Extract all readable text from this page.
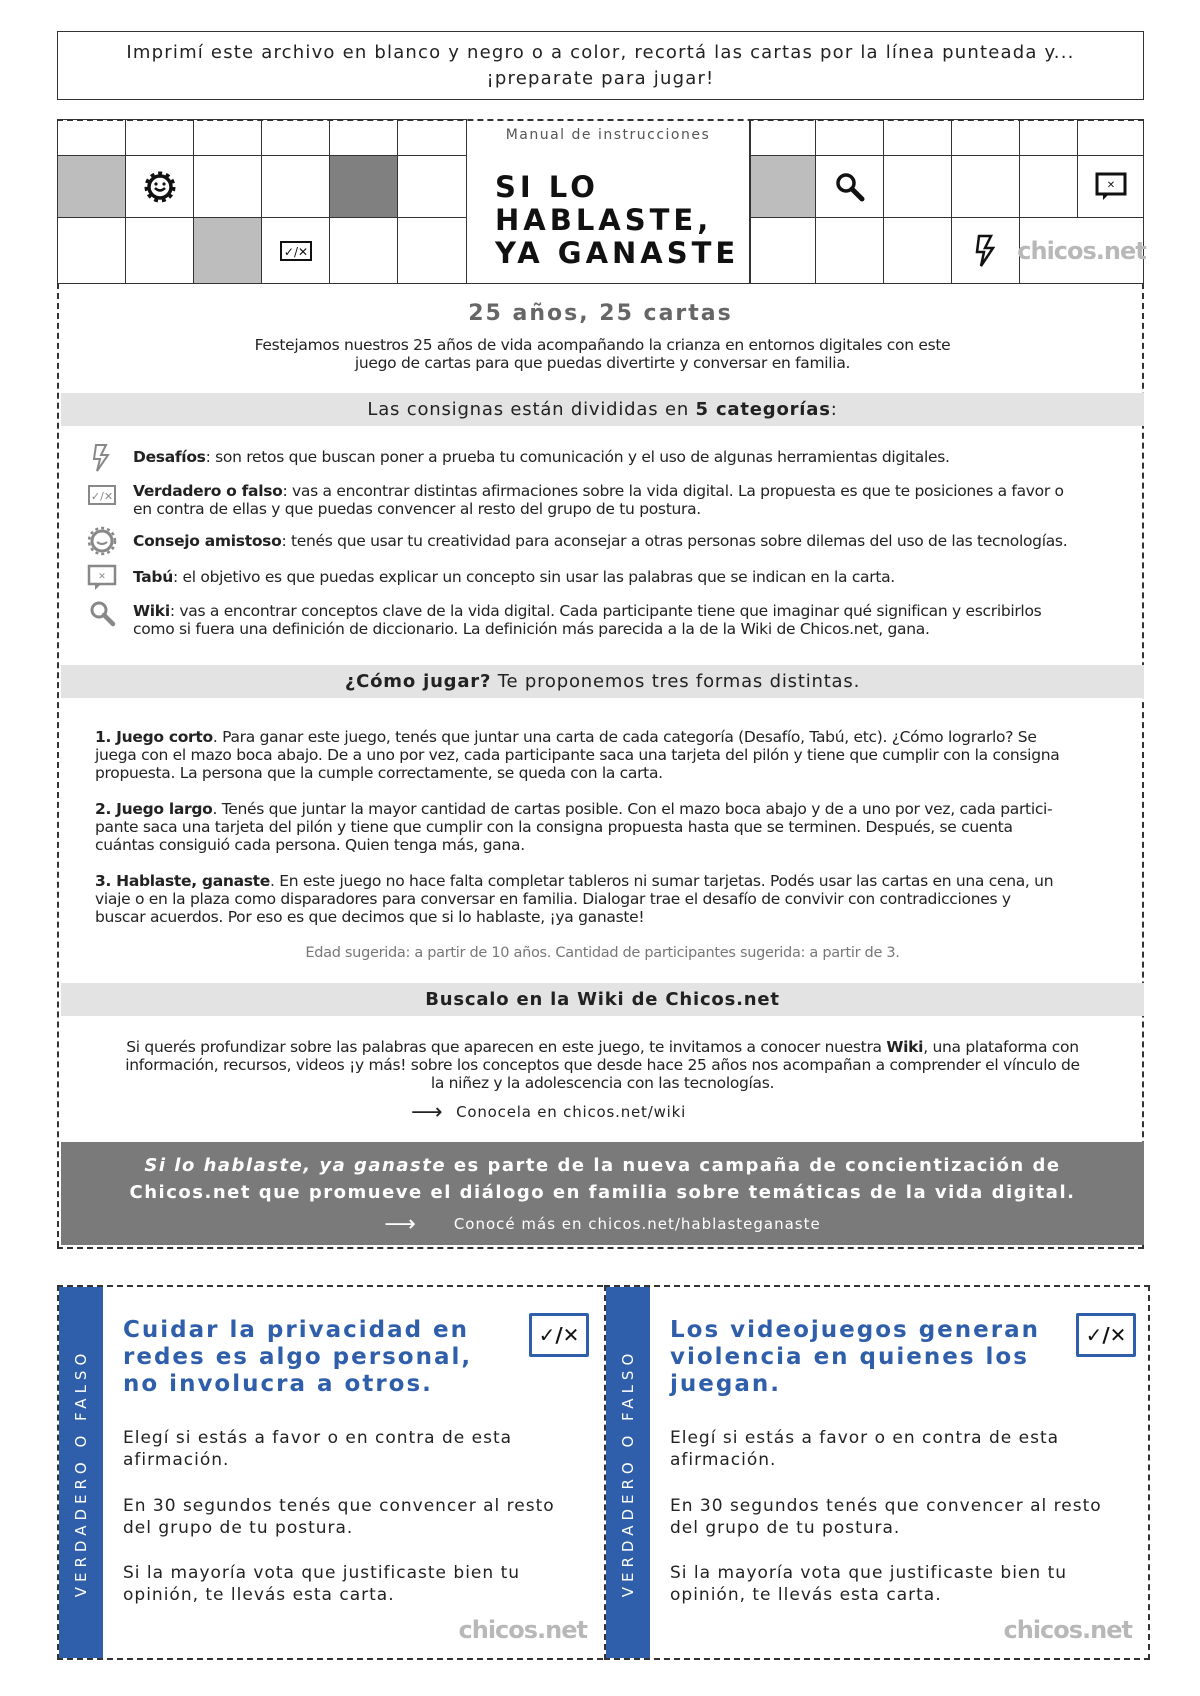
Imprimí este archivo en blanco y negro o a color, recortá las cartas por la línea punteada y...
¡preparate para jugar!
✕
✓/✕	chicos.net
Manual de instrucciones
SI LO
HABLASTE,
YA GANASTE
25 años, 25 cartas
Festejamos nuestros 25 años de vida acompañando la crianza en entornos digitales con este
juego de cartas para que puedas divertirte y conversar en familia.
Las consignas están divididas en 5 categorías:
Desafíos: son retos que buscan poner a prueba tu comunicación y el uso de algunas herramientas digitales.
✓/✕ Verdadero o falso: vas a encontrar distintas afirmaciones sobre la vida digital. La propuesta es que te posiciones a favor o
en contra de ellas y que puedas convencer al resto del grupo de tu postura.
Consejo amistoso: tenés que usar tu creatividad para aconsejar a otras personas sobre dilemas del uso de las tecnologías.
✕ Tabú: el objetivo es que puedas explicar un concepto sin usar las palabras que se indican en la carta.
Wiki: vas a encontrar conceptos clave de la vida digital. Cada participante tiene que imaginar qué significan y escribirlos
como si fuera una definición de diccionario. La definición más parecida a la de la Wiki de Chicos.net, gana.
¿Cómo jugar? Te proponemos tres formas distintas.
1. Juego corto. Para ganar este juego, tenés que juntar una carta de cada categoría (Desafío, Tabú, etc). ¿Cómo lograrlo? Se
juega con el mazo boca abajo. De a uno por vez, cada participante saca una tarjeta del pilón y tiene que cumplir con la consigna
propuesta. La persona que la cumple correctamente, se queda con la carta.
2. Juego largo. Tenés que juntar la mayor cantidad de cartas posible. Con el mazo boca abajo y de a uno por vez, cada partici-
pante saca una tarjeta del pilón y tiene que cumplir con la consigna propuesta hasta que se terminen. Después, se cuenta
cuántas consiguió cada persona. Quien tenga más, gana.
3. Hablaste, ganaste. En este juego no hace falta completar tableros ni sumar tarjetas. Podés usar las cartas en una cena, un
viaje o en la plaza como disparadores para conversar en familia. Dialogar trae el desafío de convivir con contradicciones y
buscar acuerdos. Por eso es que decimos que si lo hablaste, ¡ya ganaste!
Edad sugerida: a partir de 10 años. Cantidad de participantes sugerida: a partir de 3.
Buscalo en la Wiki de Chicos.net
Si querés profundizar sobre las palabras que aparecen en este juego, te invitamos a conocer nuestra Wiki, una plataforma con
información, recursos, videos ¡y más! sobre los conceptos que desde hace 25 años nos acompañan a comprender el vínculo de
la niñez y la adolescencia con las tecnologías.
⟶ Conocela en chicos.net/wiki
Si lo hablaste, ya ganaste es parte de la nueva campaña de concientización de
Chicos.net que promueve el diálogo en familia sobre temáticas de la vida digital.
⟶	Conocé más en chicos.net/hablasteganaste
VERDADERO O FALSO
✓/✕
Cuidar la privacidad en redes es algo personal, no involucra a otros.
Elegí si estás a favor o en contra de esta afirmación.
En 30 segundos tenés que convencer al resto del grupo de tu postura.
Si la mayoría vota que justificaste bien tu opinión, te llevás esta carta.
chicos.net
VERDADERO O FALSO
✓/✕
Los videojuegos generan violencia en quienes los juegan.
Elegí si estás a favor o en contra de esta afirmación.
En 30 segundos tenés que convencer al resto del grupo de tu postura.
Si la mayoría vota que justificaste bien tu opinión, te llevás esta carta.
chicos.net
